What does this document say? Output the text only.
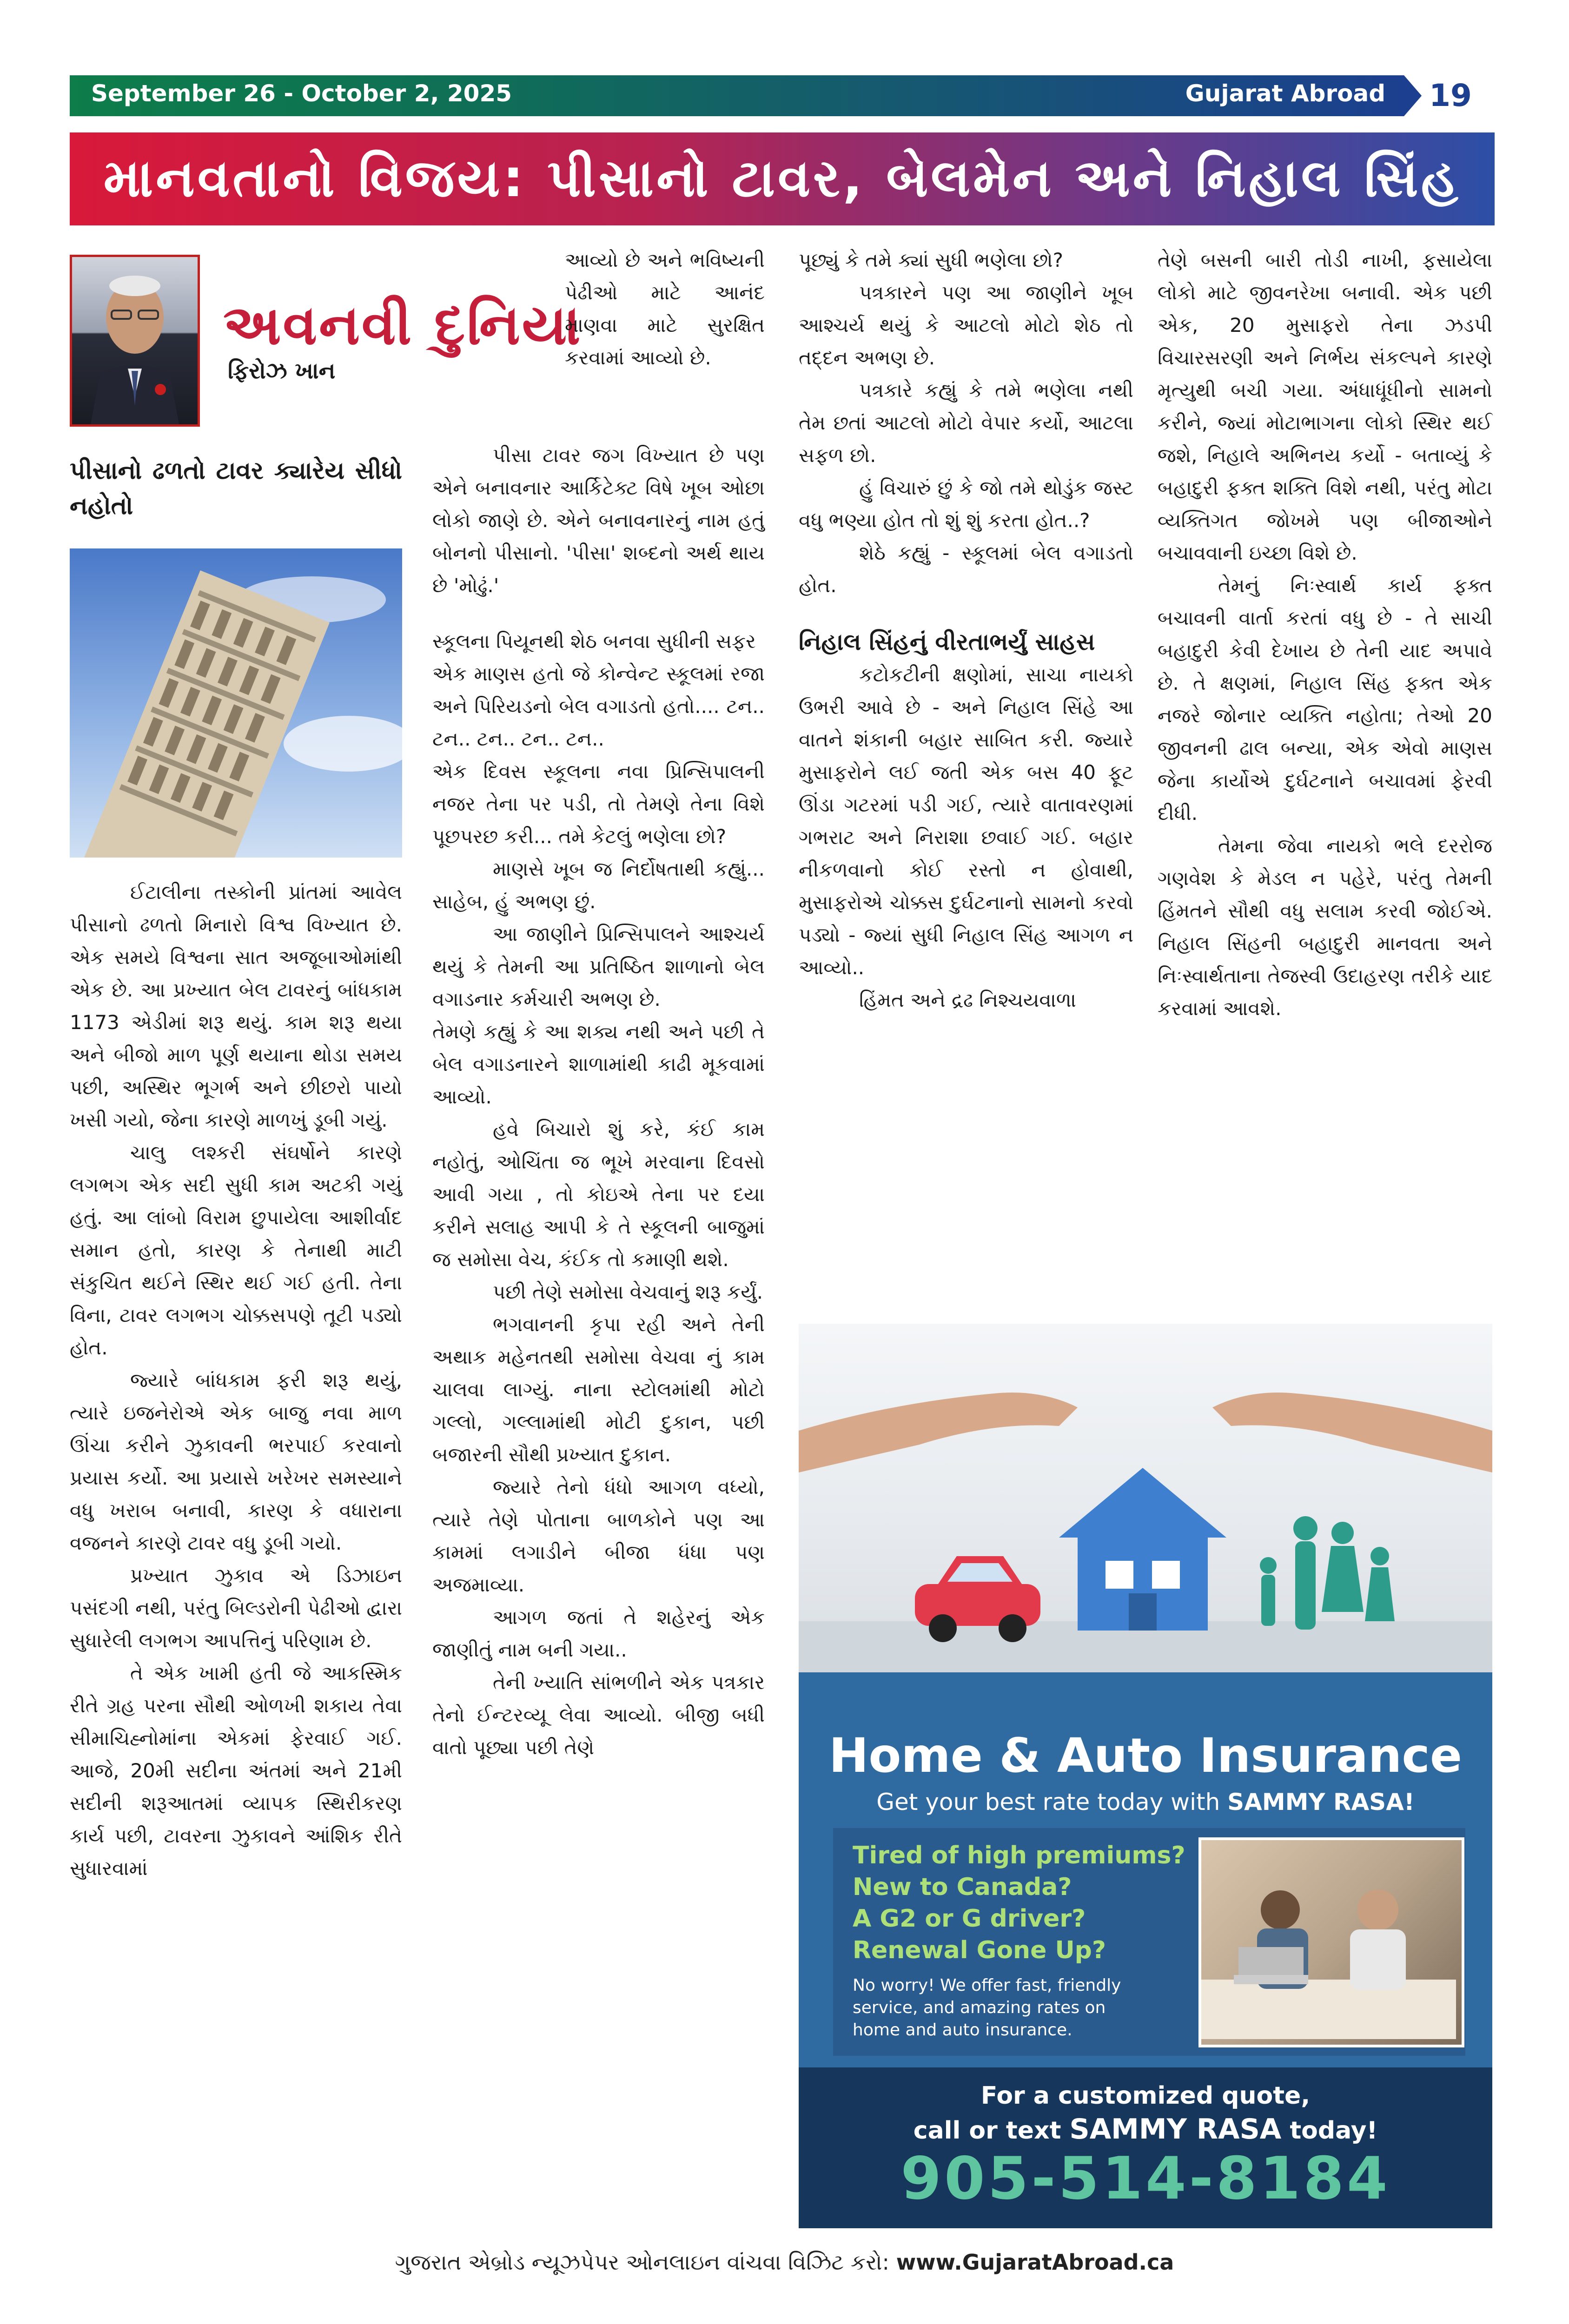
September 26 - October 2, 2025	Gujarat Abroad	19
માનવતાનો વિજય: પીસાનો ટાવર, બેલમેન અને નિહાલ સિંહ
અવનવી દુનિયા
ફિરોઝ ખાન
પીસાનો ઢળતો ટાવર ક્યારેય સીધો નહોતો

ઈટાલીના તસ્કોની પ્રાંતમાં આવેલ પીસાનો ઢળતો મિનારો વિશ્વ વિખ્યાત છે. એક સમયે વિશ્વના સાત અજૂબાઓમાંથી એક છે. આ પ્રખ્યાત બેલ ટાવરનું બાંધકામ 1173 એડીમાં શરૂ થયું. કામ શરૂ થયા અને બીજો માળ પૂર્ણ થયાના થોડા સમય પછી, અસ્થિર ભૂગર્ભ અને છીછરો પાયો ખસી ગયો, જેના કારણે માળખું ડૂબી ગયું.

ચાલુ લશ્કરી સંઘર્ષોને કારણે લગભગ એક સદી સુધી કામ અટકી ગયું હતું. આ લાંબો વિરામ છુપાયેલા આશીર્વાદ સમાન હતો, કારણ કે તેનાથી માટી સંકુચિત થઈને સ્થિર થઈ ગઈ હતી. તેના વિના, ટાવર લગભગ ચોક્કસપણે તૂટી પડ્યો હોત.

જ્યારે બાંધકામ ફરી શરૂ થયું, ત્યારે ઇજનેરોએ એક બાજુ નવા માળ ઊંચા કરીને ઝુકાવની ભરપાઈ કરવાનો પ્રયાસ કર્યો. આ પ્રયાસે ખરેખર સમસ્યાને વધુ ખરાબ બનાવી, કારણ કે વધારાના વજનને કારણે ટાવર વધુ ડૂબી ગયો.

પ્રખ્યાત ઝુકાવ એ ડિઝાઇન પસંદગી નથી, પરંતુ બિલ્ડરોની પેઢીઓ દ્વારા સુધારેલી લગભગ આપત્તિનું પરિણામ છે.

તે એક ખામી હતી જે આકસ્મિક રીતે ગ્રહ પરના સૌથી ઓળખી શકાય તેવા સીમાચિહ્નોમાંના એકમાં ફેરવાઈ ગઈ. આજે, 20મી સદીના અંતમાં અને 21મી સદીની શરૂઆતમાં વ્યાપક સ્થિરીકરણ કાર્ય પછી, ટાવરના ઝુકાવને આંશિક રીતે સુધારવામાં

આવ્યો છે અને ભવિષ્યની પેઢીઓ માટે આનંદ માણવા માટે સુરક્ષિત કરવામાં આવ્યો છે.

પીસા ટાવર જગ વિખ્યાત છે પણ એને બનાવનાર આર્કિટેક્ટ વિષે ખૂબ ઓછા લોકો જાણે છે. એને બનાવનારનું નામ હતું બોનનો પીસાનો. 'પીસા' શબ્દનો અર્થ થાય છે 'મોઢું.'

સ્કૂલના પિયૂનથી શેઠ બનવા સુધીની સફર

એક માણસ હતો જે કોન્વેન્ટ સ્કૂલમાં રજા અને પિરિયડનો બેલ વગાડતો હતો.... ટન.. ટન.. ટન.. ટન.. ટન..

એક દિવસ સ્કૂલના નવા પ્રિન્સિપાલની નજર તેના પર પડી, તો તેમણે તેના વિશે પૂછપરછ કરી... તમે કેટલું ભણેલા છો?

માણસે ખૂબ જ નિર્દોષતાથી કહ્યું... સાહેબ, હું અભણ છું.

આ જાણીને પ્રિન્સિપાલને આશ્ચર્ય થયું કે તેમની આ પ્રતિષ્ઠિત શાળાનો બેલ વગાડનાર કર્મચારી અભણ છે.

તેમણે કહ્યું કે આ શક્ય નથી અને પછી તે બેલ વગાડનારને શાળામાંથી કાઢી મૂકવામાં આવ્યો.

હવે બિચારો શું કરે, કંઈ કામ નહોતું, ઓચિંતા જ ભૂખે મરવાના દિવસો આવી ગયા , તો કોઇએ તેના પર દયા કરીને સલાહ આપી કે તે સ્કૂલની બાજુમાં જ સમોસા વેચ, કંઈક તો કમાણી થશે.

પછી તેણે સમોસા વેચવાનું શરૂ કર્યું.

ભગવાનની કૃપા રહી અને તેની અથાક મહેનતથી સમોસા વેચવા નું કામ ચાલવા લાગ્યું. નાના સ્ટોલમાંથી મોટો ગલ્લો, ગલ્લામાંથી મોટી દુકાન, પછી બજારની સૌથી પ્રખ્યાત દુકાન.

જ્યારે તેનો ધંધો આગળ વધ્યો, ત્યારે તેણે પોતાના બાળકોને પણ આ કામમાં લગાડીને બીજા ધંધા પણ અજમાવ્યા.

આગળ જતાં તે શહેરનું એક જાણીતું નામ બની ગયા..

તેની ખ્યાતિ સાંભળીને એક પત્રકાર તેનો ઈન્ટરવ્યૂ લેવા આવ્યો. બીજી બધી વાતો પૂછ્યા પછી તેણે

પૂછ્યું કે તમે ક્યાં સુધી ભણેલા છો?

પત્રકારને પણ આ જાણીને ખૂબ આશ્ચર્ય થયું કે આટલો મોટો શેઠ તો તદ્દન અભણ છે.

પત્રકારે કહ્યું કે તમે ભણેલા નથી તેમ છતાં આટલો મોટો વેપાર કર્યો, આટલા સફળ છો.

હું વિચારું છું કે જો તમે થોડુંક જસ્ટ વધુ ભણ્યા હોત તો શું શું કરતા હોત..?

શેઠે કહ્યું - સ્કૂલમાં બેલ વગાડતો હોત.

નિહાલ સિંહનું વીરતાભર્યું સાહસ

કટોકટીની ક્ષણોમાં, સાચા નાયકો ઉભરી આવે છે - અને નિહાલ સિંહે આ વાતને શંકાની બહાર સાબિત કરી. જ્યારે મુસાફરોને લઈ જતી એક બસ 40 ફૂટ ઊંડા ગટરમાં પડી ગઈ, ત્યારે વાતાવરણમાં ગભરાટ અને નિરાશા છવાઈ ગઈ. બહાર નીકળવાનો કોઈ રસ્તો ન હોવાથી, મુસાફરોએ ચોક્કસ દુર્ઘટનાનો સામનો કરવો પડ્યો - જ્યાં સુધી નિહાલ સિંહ આગળ ન આવ્યો..

હિંમત અને દ્રઢ નિશ્ચયવાળા

તેણે બસની બારી તોડી નાખી, ફસાયેલા લોકો માટે જીવનરેખા બનાવી. એક પછી એક, 20 મુસાફરો તેના ઝડપી વિચારસરણી અને નિર્ભય સંકલ્પને કારણે મૃત્યુથી બચી ગયા. અંધાધૂંધીનો સામનો કરીને, જ્યાં મોટાભાગના લોકો સ્થિર થઈ જશે, નિહાલે અભિનય કર્યો - બતાવ્યું કે બહાદુરી ફક્ત શક્તિ વિશે નથી, પરંતુ મોટા વ્યક્તિગત જોખમે પણ બીજાઓને બચાવવાની ઇચ્છા વિશે છે.

તેમનું નિઃસ્વાર્થ કાર્ય ફક્ત બચાવની વાર્તા કરતાં વધુ છે - તે સાચી બહાદુરી કેવી દેખાય છે તેની યાદ અપાવે છે. તે ક્ષણમાં, નિહાલ સિંહ ફક્ત એક નજરે જોનાર વ્યક્તિ નહોતા; તેઓ 20 જીવનની ઢાલ બન્યા, એક એવો માણસ જેના કાર્યોએ દુર્ઘટનાને બચાવમાં ફેરવી દીધી.

તેમના જેવા નાયકો ભલે દરરોજ ગણવેશ કે મેડલ ન પહેરે, પરંતુ તેમની હિંમતને સૌથી વધુ સલામ કરવી જોઈએ. નિહાલ સિંહની બહાદુરી માનવતા અને નિઃસ્વાર્થતાના તેજસ્વી ઉદાહરણ તરીકે યાદ કરવામાં આવશે.

Home & Auto Insurance
Get your best rate today with SAMMY RASA!
Tired of high premiums?
New to Canada?
A G2 or G driver?
Renewal Gone Up?
No worry! We offer fast, friendly service, and amazing rates on home and auto insurance.
For a customized quote,
call or text SAMMY RASA today!
905-514-8184
ગુજરાત એબ્રોડ ન્યૂઝપેપર ઓનલાઇન વાંચવા વિઝિટ કરો: www.GujaratAbroad.ca
